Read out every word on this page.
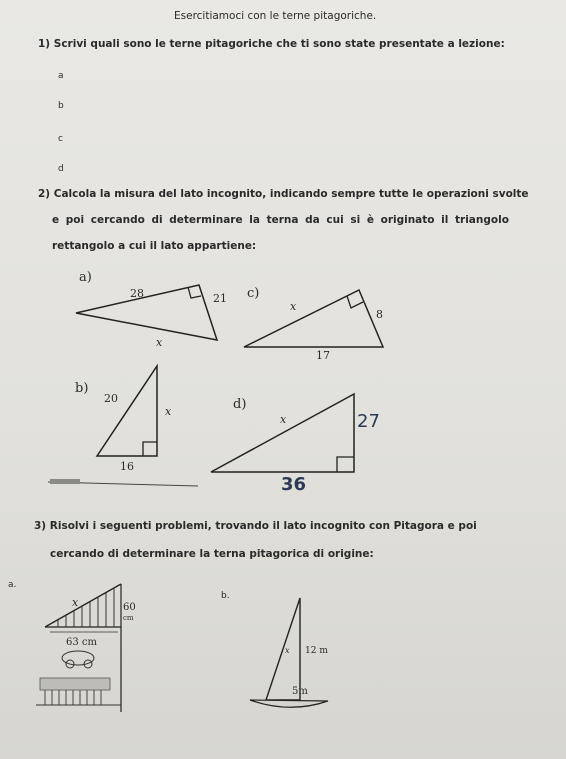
Esercitiamoci con le terne pitagoriche.
1) Scrivi quali sono le terne pitagoriche che ti sono state presentate a lezione:
a
b
c
d
2) Calcola la misura del lato incognito, indicando sempre tutte le operazioni svolte
e poi cercando di determinare la terna da cui si è originato il triangolo
rettangolo a cui il lato appartiene:
a)
28	21
x
c)
x
8
17
b)
20
x
16
d)
x	27
36
3) Risolvi i seguenti problemi, trovando il lato incognito con Pitagora e poi
cercando di determinare la terna pitagorica di origine:
a.
x	60
cm
63 cm
b.
x 12 m
5m
